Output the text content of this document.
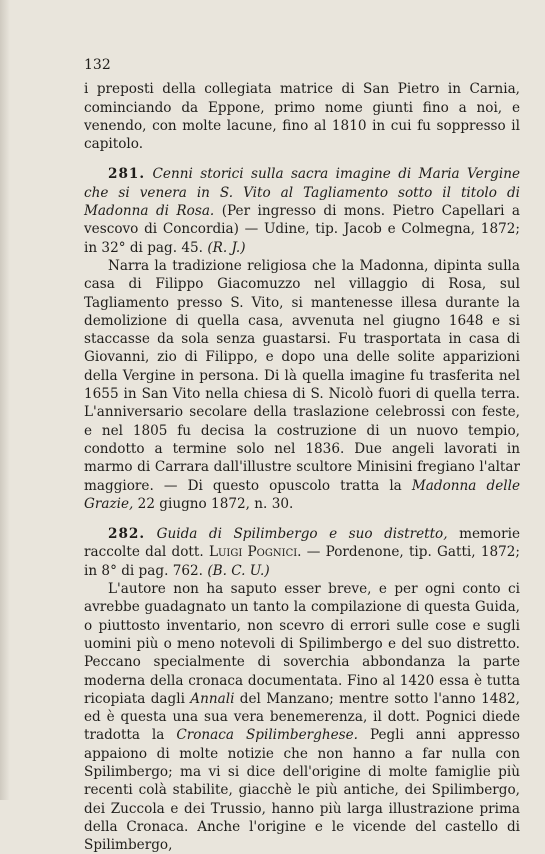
132

i preposti della collegiata matrice di San Pietro in Carnia, cominciando da Eppone, primo nome giunti fino a noi, e venendo, con molte lacune, fino al 1810 in cui fu soppresso il capitolo.

281. Cenni storici sulla sacra imagine di Maria Vergine che si venera in S. Vito al Tagliamento sotto il titolo di Madonna di Rosa. (Per ingresso di mons. Pietro Capellari a vescovo di Concordia) — Udine, tip. Jacob e Colmegna, 1872; in 32° di pag. 45. (R. J.)

Narra la tradizione religiosa che la Madonna, dipinta sulla casa di Filippo Giacomuzzo nel villaggio di Rosa, sul Tagliamento presso S. Vito, si mantenesse illesa durante la demolizione di quella casa, avvenuta nel giugno 1648 e si staccasse da sola senza guastarsi. Fu trasportata in casa di Giovanni, zio di Filippo, e dopo una delle solite apparizioni della Vergine in persona. Di là quella imagine fu trasferita nel 1655 in San Vito nella chiesa di S. Nicolò fuori di quella terra. L'anniversario secolare della traslazione celebrossi con feste, e nel 1805 fu decisa la costruzione di un nuovo tempio, condotto a termine solo nel 1836. Due angeli lavorati in marmo di Carrara dall'illustre scultore Minisini fregiano l'altar maggiore. — Di questo opuscolo tratta la Madonna delle Grazie, 22 giugno 1872, n. 30.

282. Guida di Spilimbergo e suo distretto, memorie raccolte dal dott. Luigi Pognici. — Pordenone, tip. Gatti, 1872; in 8° di pag. 762. (B. C. U.)

L'autore non ha saputo esser breve, e per ogni conto ci avrebbe guadagnato un tanto la compilazione di questa Guida, o piuttosto inventario, non scevro di errori sulle cose e sugli uomini più o meno notevoli di Spilimbergo e del suo distretto. Peccano specialmente di soverchia abbondanza la parte moderna della cronaca documentata. Fino al 1420 essa è tutta ricopiata dagli Annali del Manzano; mentre sotto l'anno 1482, ed è questa una sua vera benemerenza, il dott. Pognici diede tradotta la Cronaca Spilimberghese. Pegli anni appresso appaiono di molte notizie che non hanno a far nulla con Spilimbergo; ma vi si dice dell'origine di molte famiglie più recenti colà stabilite, giacchè le più antiche, dei Spilimbergo, dei Zuccola e dei Trussio, hanno più larga illustrazione prima della Cronaca. Anche l'origine e le vicende del castello di Spilimbergo,
